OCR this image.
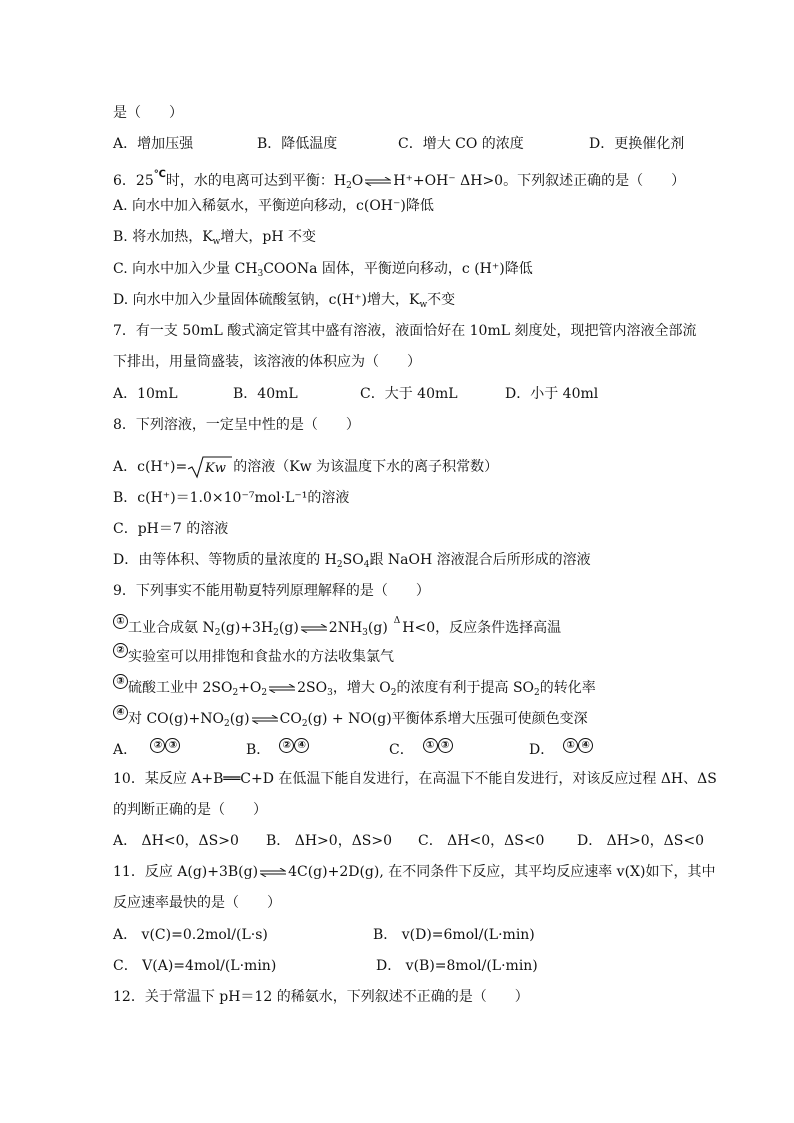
是（　　）
A．增加压强	B．降低温度	C．增大 CO 的浓度	D．更换催化剂
6．25℃时，水的电离可达到平衡：$H_2O$ ⇌ H⁺+OH⁻ ΔH>0。下列叙述正确的是（　　）
A. 向水中加入稀氨水，平衡逆向移动，c(OH⁻)降低
B. 将水加热，$K_w$增大，pH 不变
C. 向水中加入少量 $CH_3COONa$ 固体，平衡逆向移动，c (H⁺)降低
D. 向水中加入少量固体硫酸氢钠，c(H⁺)增大，$K_w$不变
7．有一支 50mL 酸式滴定管其中盛有溶液，液面恰好在 10mL 刻度处，现把管内溶液全部流
下排出，用量筒盛装，该溶液的体积应为（　　）
A．10mL	B．40mL	C．大于 40mL	D．小于 40ml
8．下列溶液，一定呈中性的是（　　）
A．c(H⁺)= Kw 的溶液（Kw 为该温度下水的离子积常数）
B．c(H⁺)＝1.0×10⁻⁷mol·L⁻¹的溶液
C．pH＝7 的溶液
D．由等体积、等物质的量浓度的 $H_2SO_4$跟 NaOH 溶液混合后所形成的溶液
9．下列事实不能用勒夏特列原理解释的是（　　）
① 工业合成氨 $N_2(g)+3H_2(g)$ ⇌ $2NH_3(g)$ $^\Delta$ H<0，反应条件选择高温
② 实验室可以用排饱和食盐水的方法收集氯气
③ 硫酸工业中 $2SO_2+O_2$ ⇌ $2SO_3$，增大 $O_2$的浓度有利于提高 $SO_2$的转化率
④ 对 $CO(g)+NO_2(g)$ ⇌ $CO_2(g) + NO(g)$平衡体系增大压强可使颜色变深
A． ② ③	B． ② ④	C． ① ③	D． ① ④
10．某反应 A+B══C+D 在低温下能自发进行，在高温下不能自发进行，对该反应过程 ΔH、ΔS
的判断正确的是（　　）
A． ΔH<0，ΔS>0 B． ΔH>0，ΔS>0 C． ΔH<0，ΔS<0 D． ΔH>0，ΔS<0
11．反应 A(g)+3B(g) ⇌ 4C(g)+2D(g), 在不同条件下反应，其平均反应速率 v(X)如下，其中
反应速率最快的是（　　）
A． v(C)=0.2mol/(L·s)	B． v(D)=6mol/(L·min)
C． V(A)=4mol/(L·min)	D． v(B)=8mol/(L·min)
12．关于常温下 pH＝12 的稀氨水，下列叙述不正确的是（　　）
